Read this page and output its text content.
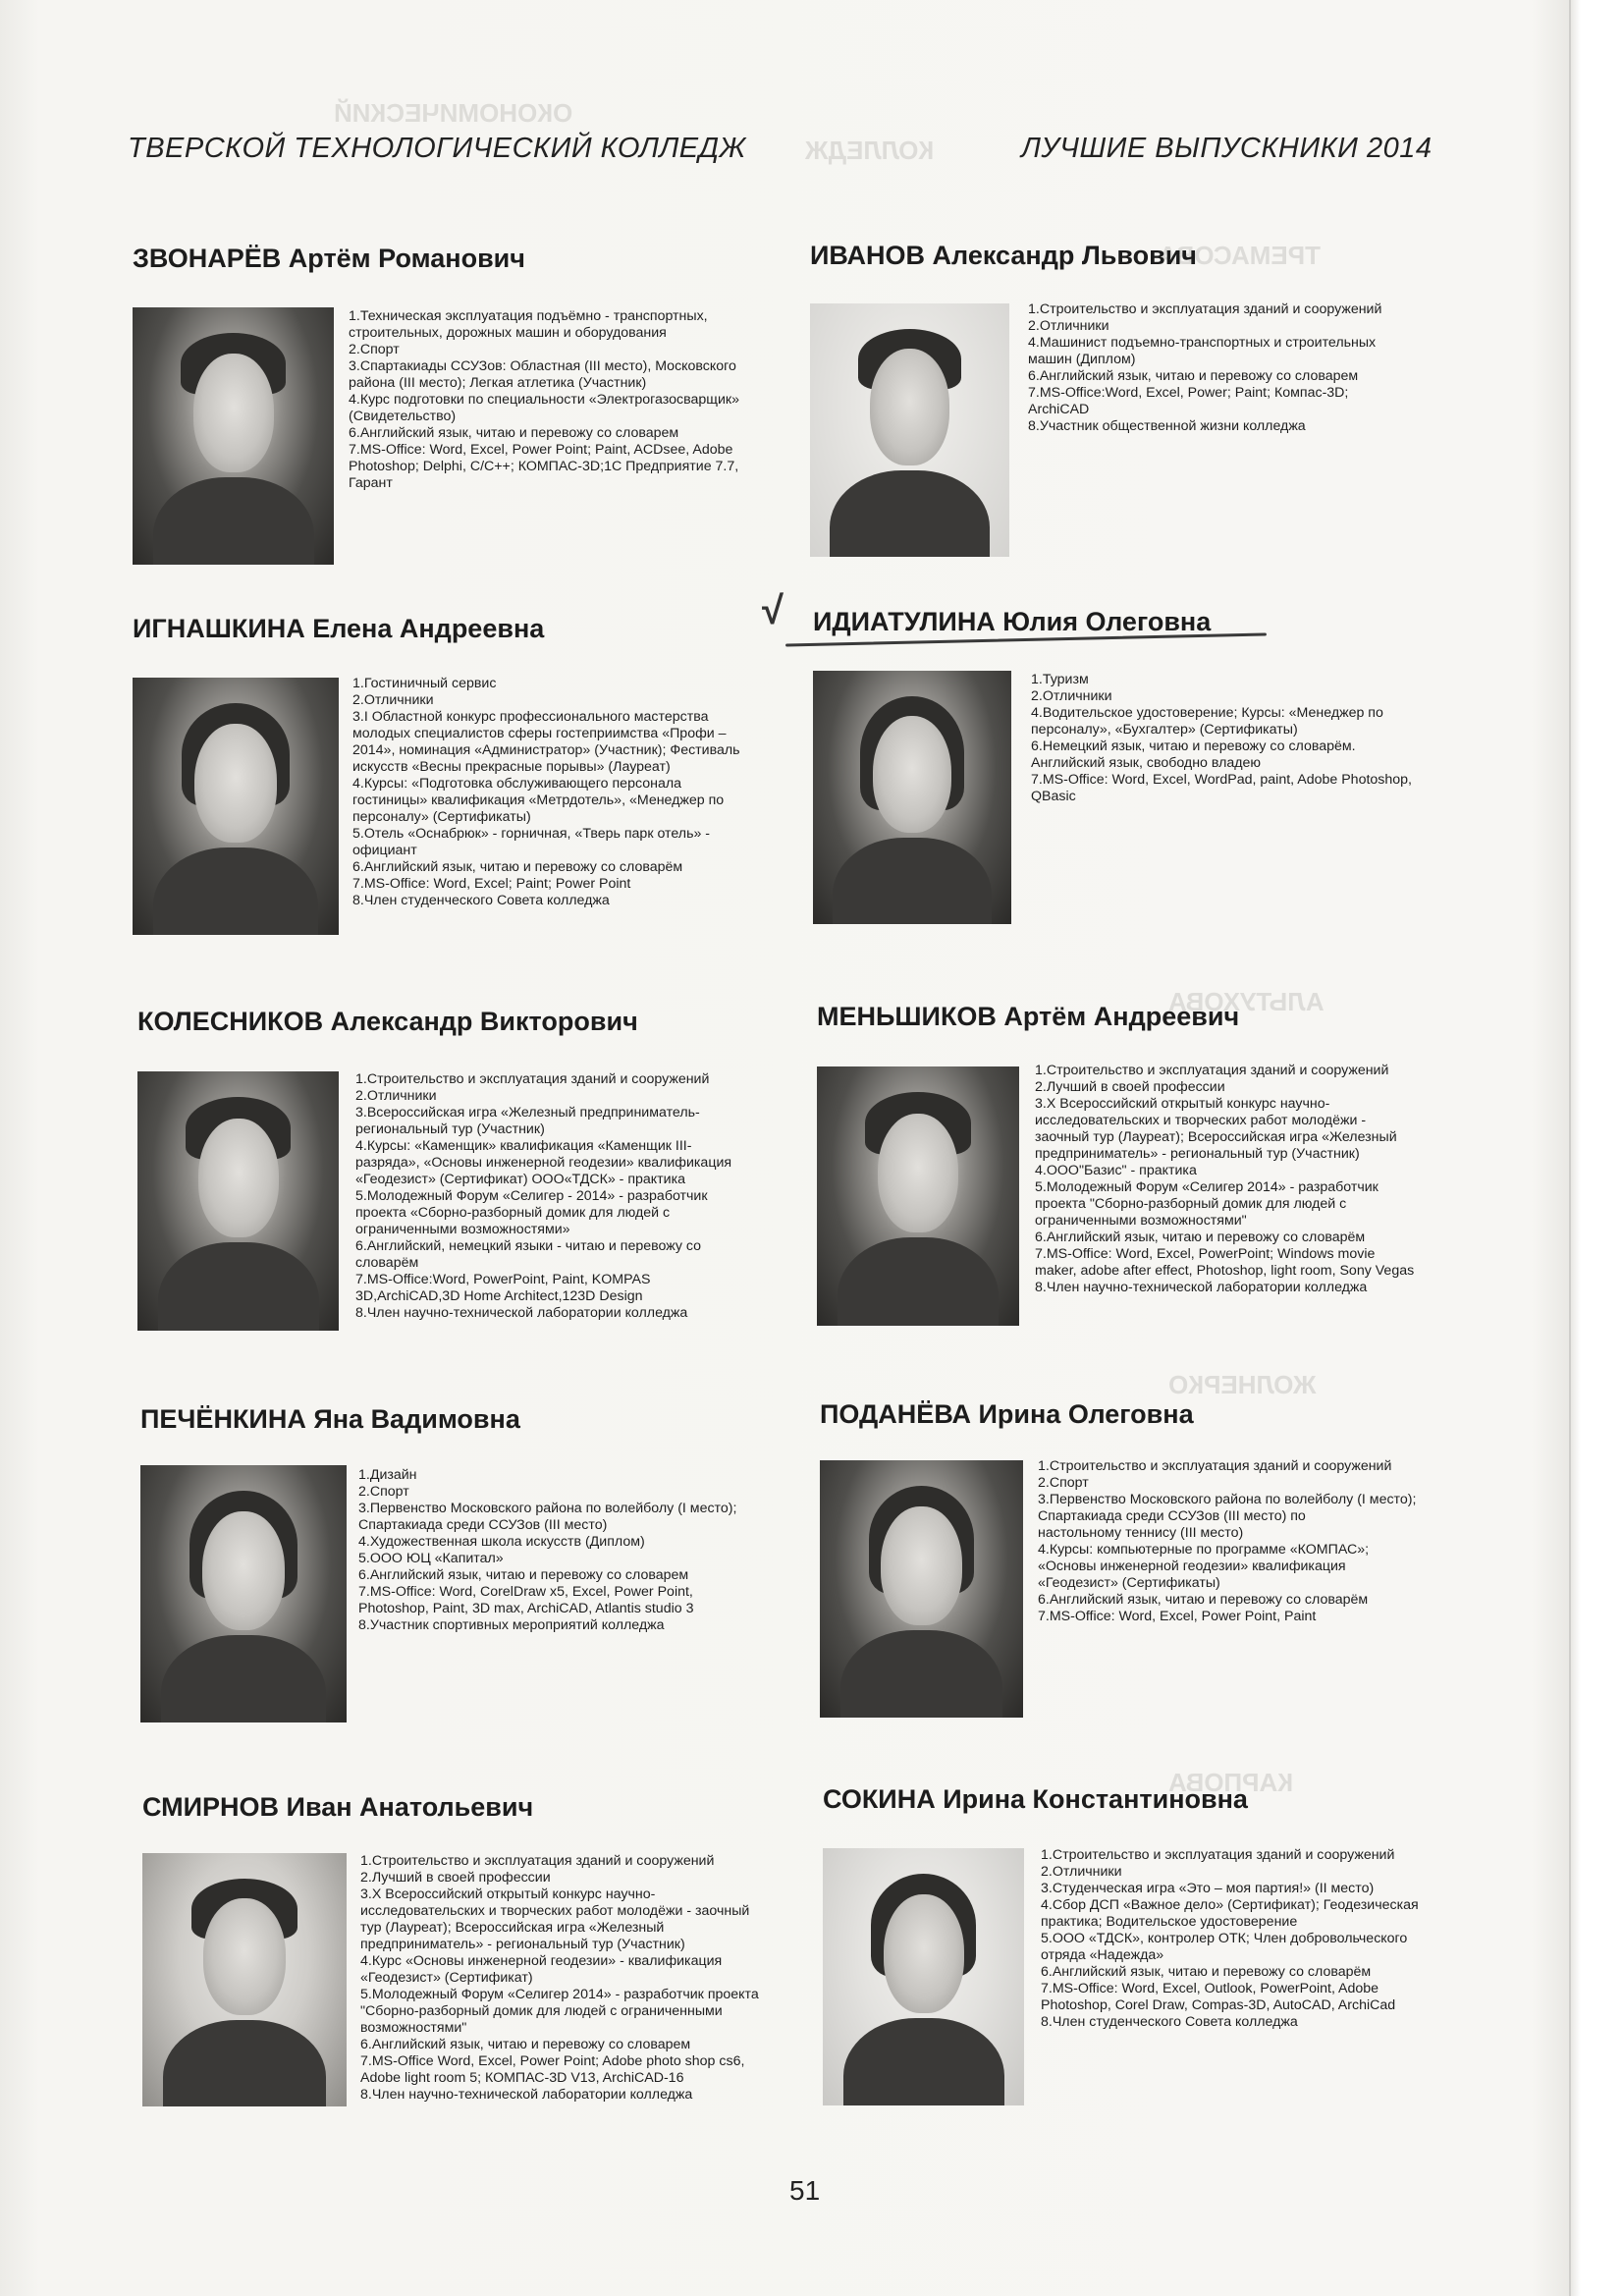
ОКОНОМИЧЕСКИЙ
КОЛЛЕДЖ
ТРЕМАСОВА
АЛЬТУХОВА
ЖОЛНЕРКО
КАРПОВА
ТВЕРСКОЙ ТЕХНОЛОГИЧЕСКИЙ КОЛЛЕДЖ	ЛУЧШИЕ ВЫПУСКНИКИ 2014
ЗВОНАРЁВ Артём Романович
1.Техническая эксплуатация подъёмно - транспортных,
строительных, дорожных машин и оборудования
2.Спорт
3.Спартакиады ССУЗов: Областная (III место), Московского
района (III место); Легкая атлетика (Участник)
4.Курс подготовки по специальности «Электрогазосварщик»
(Свидетельство)
6.Английский язык, читаю и перевожу со словарем
7.MS-Office: Word, Excel, Power Point; Paint, ACDsee, Adobe
Photoshop; Delphi, C/C++; КОМПАС-3D;1С Предприятие 7.7,
Гарант
ИВАНОВ Александр Львович
1.Строительство и эксплуатация зданий и сооружений
2.Отличники
4.Машинист подъемно-транспортных и строительных
машин (Диплом)
6.Английский язык, читаю и перевожу со словарем
7.MS-Office:Word, Excel, Power; Paint; Компас-3D;
ArchiCAD
8.Участник общественной жизни колледжа
ИГНАШКИНА Елена Андреевна
1.Гостиничный сервис
2.Отличники
3.I Областной конкурс профессионального мастерства
молодых специалистов сферы гостеприимства «Профи –
2014», номинация «Администратор» (Участник); Фестиваль
искусств «Весны прекрасные порывы» (Лауреат)
4.Курсы: «Подготовка обслуживающего персонала
гостиницы» квалификация «Метрдотель», «Менеджер по
персоналу» (Сертификаты)
5.Отель «Оснабрюк» - горничная, «Тверь парк отель» -
официант
6.Английский язык, читаю и перевожу со словарём
7.MS-Office: Word, Excel; Paint; Power Point
8.Член студенческого Совета колледжа
√ ИДИАТУЛИНА Юлия Олеговна
1.Туризм
2.Отличники
4.Водительское удостоверение; Курсы: «Менеджер по
персоналу», «Бухгалтер» (Сертификаты)
6.Немецкий язык, читаю и перевожу со словарём.
Английский язык, свободно владею
7.MS-Office: Word, Excel, WordPad, paint, Adobe Photoshop,
QBasic
КОЛЕСНИКОВ Александр Викторович
1.Строительство и эксплуатация зданий и сооружений
2.Отличники
3.Всероссийская игра «Железный предприниматель-
региональный тур (Участник)
4.Курсы: «Каменщик» квалификация «Каменщик III-
разряда», «Основы инженерной геодезии» квалификация
«Геодезист» (Сертификат) ООО«ТДСК» - практика
5.Молодежный Форум «Селигер - 2014» - разработчик
проекта «Сборно-разборный домик для людей с
ограниченными возможностями»
6.Английский, немецкий языки - читаю и перевожу со
словарём
7.MS-Office:Word, PowerPoint, Paint, KOMPAS
3D,ArchiCAD,3D Home Architect,123D Design
8.Член научно-технической лаборатории колледжа
МЕНЬШИКОВ Артём Андреевич
1.Строительство и эксплуатация зданий и сооружений
2.Лучший в своей профессии
3.X Всероссийский открытый конкурс научно-
исследовательских и творческих работ молодёжи -
заочный тур (Лауреат); Всероссийская игра «Железный
предприниматель» - региональный тур (Участник)
4.ООО"Базис" - практика
5.Молодежный Форум «Селигер 2014» - разработчик
проекта "Сборно-разборный домик для людей с
ограниченными возможностями"
6.Английский язык, читаю и перевожу со словарём
7.MS-Office: Word, Excel, PowerPoint; Windows movie
maker, adobe after effect, Photoshop, light room, Sony Vegas
8.Член научно-технической лаборатории колледжа
ПЕЧЁНКИНА Яна Вадимовна
1.Дизайн
2.Спорт
3.Первенство Московского района по волейболу (I место);
Спартакиада среди ССУЗов (III место)
4.Художественная школа искусств (Диплом)
5.ООО ЮЦ «Капитал»
6.Английский язык, читаю и перевожу со словарем
7.MS-Office: Word, CorelDraw x5, Excel, Power Point,
Photoshop, Paint, 3D max, ArchiCAD, Atlantis studio 3
8.Участник спортивных мероприятий колледжа
ПОДАНЁВА Ирина Олеговна
1.Строительство и эксплуатация зданий и сооружений
2.Спорт
3.Первенство Московского района по волейболу (I место);
Спартакиада среди ССУЗов (III место) по
настольному теннису (III место)
4.Курсы: компьютерные по программе «КОМПАС»;
«Основы инженерной геодезии» квалификация
«Геодезист» (Сертификаты)
6.Английский язык, читаю и перевожу со словарём
7.MS-Office: Word, Excel, Power Point, Paint
СМИРНОВ Иван Анатольевич
1.Строительство и эксплуатация зданий и сооружений
2.Лучший в своей профессии
3.X Всероссийский открытый конкурс научно-
исследовательских и творческих работ молодёжи - заочный
тур (Лауреат); Всероссийская игра «Железный
предприниматель» - региональный тур (Участник)
4.Курс «Основы инженерной геодезии» - квалификация
«Геодезист» (Сертификат)
5.Молодежный Форум «Селигер 2014» - разработчик проекта
"Сборно-разборный домик для людей с ограниченными
возможностями"
6.Английский язык, читаю и перевожу со словарем
7.MS-Office Word, Excel, Power Point; Adobe photo shop cs6,
Adobe light room 5; КОМПАС-3D V13, ArchiCAD-16
8.Член научно-технической лаборатории колледжа
СОКИНА Ирина Константиновна
1.Строительство и эксплуатация зданий и сооружений
2.Отличники
3.Студенческая игра «Это – моя партия!» (II место)
4.Сбор ДСП «Важное дело» (Сертификат); Геодезическая
практика; Водительское удостоверение
5.ООО «ТДСК», контролер ОТК; Член добровольческого
отряда «Надежда»
6.Английский язык, читаю и перевожу со словарём
7.MS-Office: Word, Excel, Outlook, PowerPoint, Adobe
Photoshop, Corel Draw, Compas-3D, AutoCAD, ArchiCad
8.Член студенческого Совета колледжа
51
